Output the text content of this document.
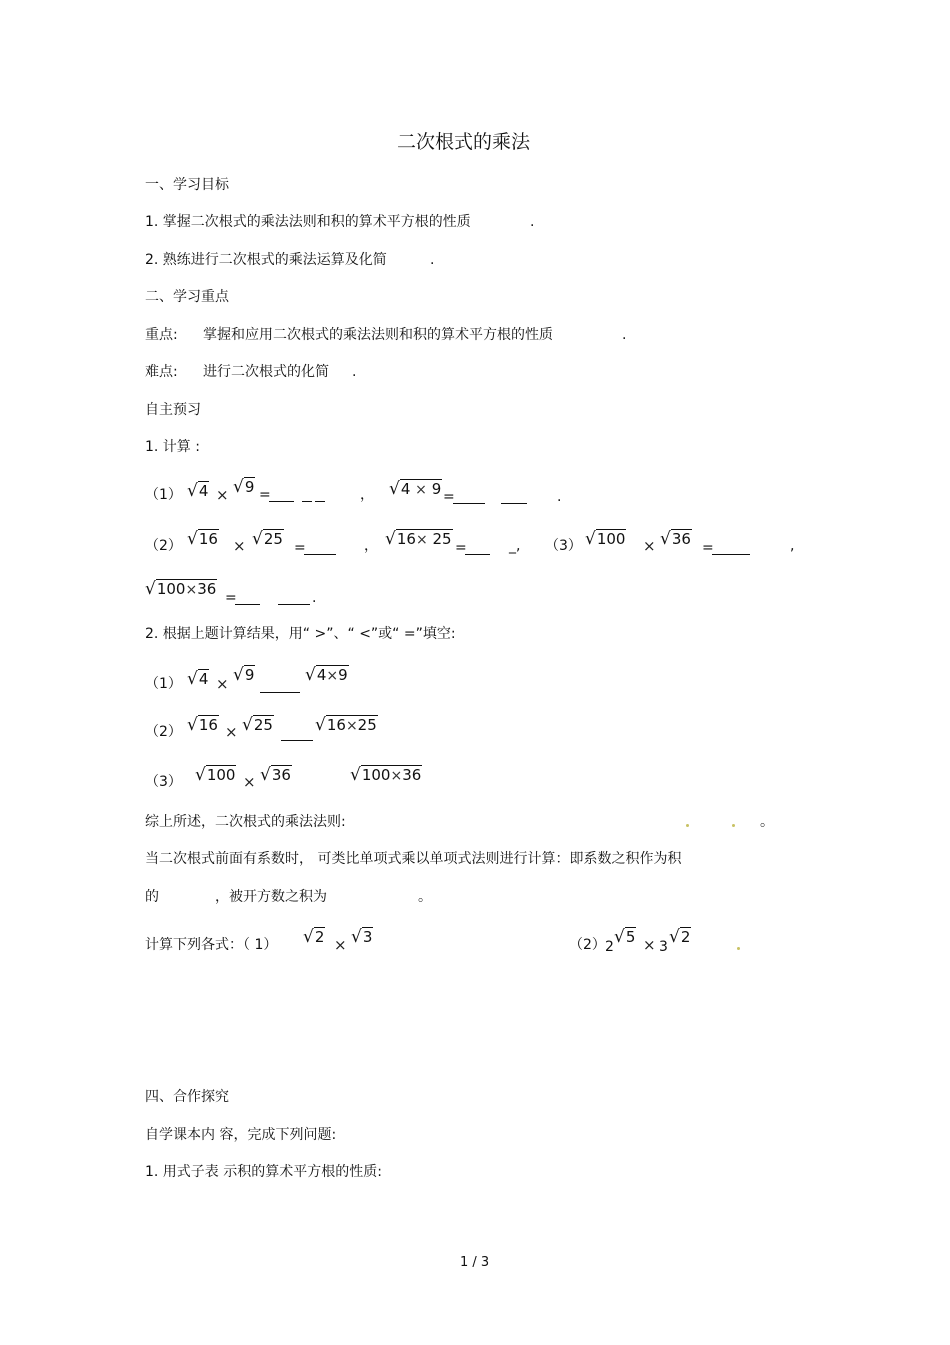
二次根式的乘法
一、学习目标
1. 掌握二次根式的乘法法则和积的算术平方根的性质	.
2. 熟练进行二次根式的乘法运算及化简	.
二、学习重点
重点: 掌握和应用二次根式的乘法法则和积的算术平方根的性质	.
难点: 进行二次根式的化简 .
自主预习
1. 计算 :
（1） √4 × √9 =	， √4 × 9 =	.
（2） √16 × √25 =	， √16× 25 =	_, （3） √100 × √36 =	,
√100×36 =	.
2. 根据上题计算结果，用“ >”、“ <”或“ =”填空:
（1） √4 × √9	√4×9
（2） √16 × √25 √16×25
（3） √100 × √36	√100×36
综上所述，二次根式的乘法法则:	。
当二次根式前面有系数时， 可类比单项式乘以单项式法则进行计算：即系数之积作为积
的	，被开方数之积为	。
计算下列各式：（ 1） √2 × √3	（2） 2 √5 × 3 √2
四、合作探究
自学课本内 容，完成下列问题:
1. 用式子表 示积的算术平方根的性质:
1 / 3
